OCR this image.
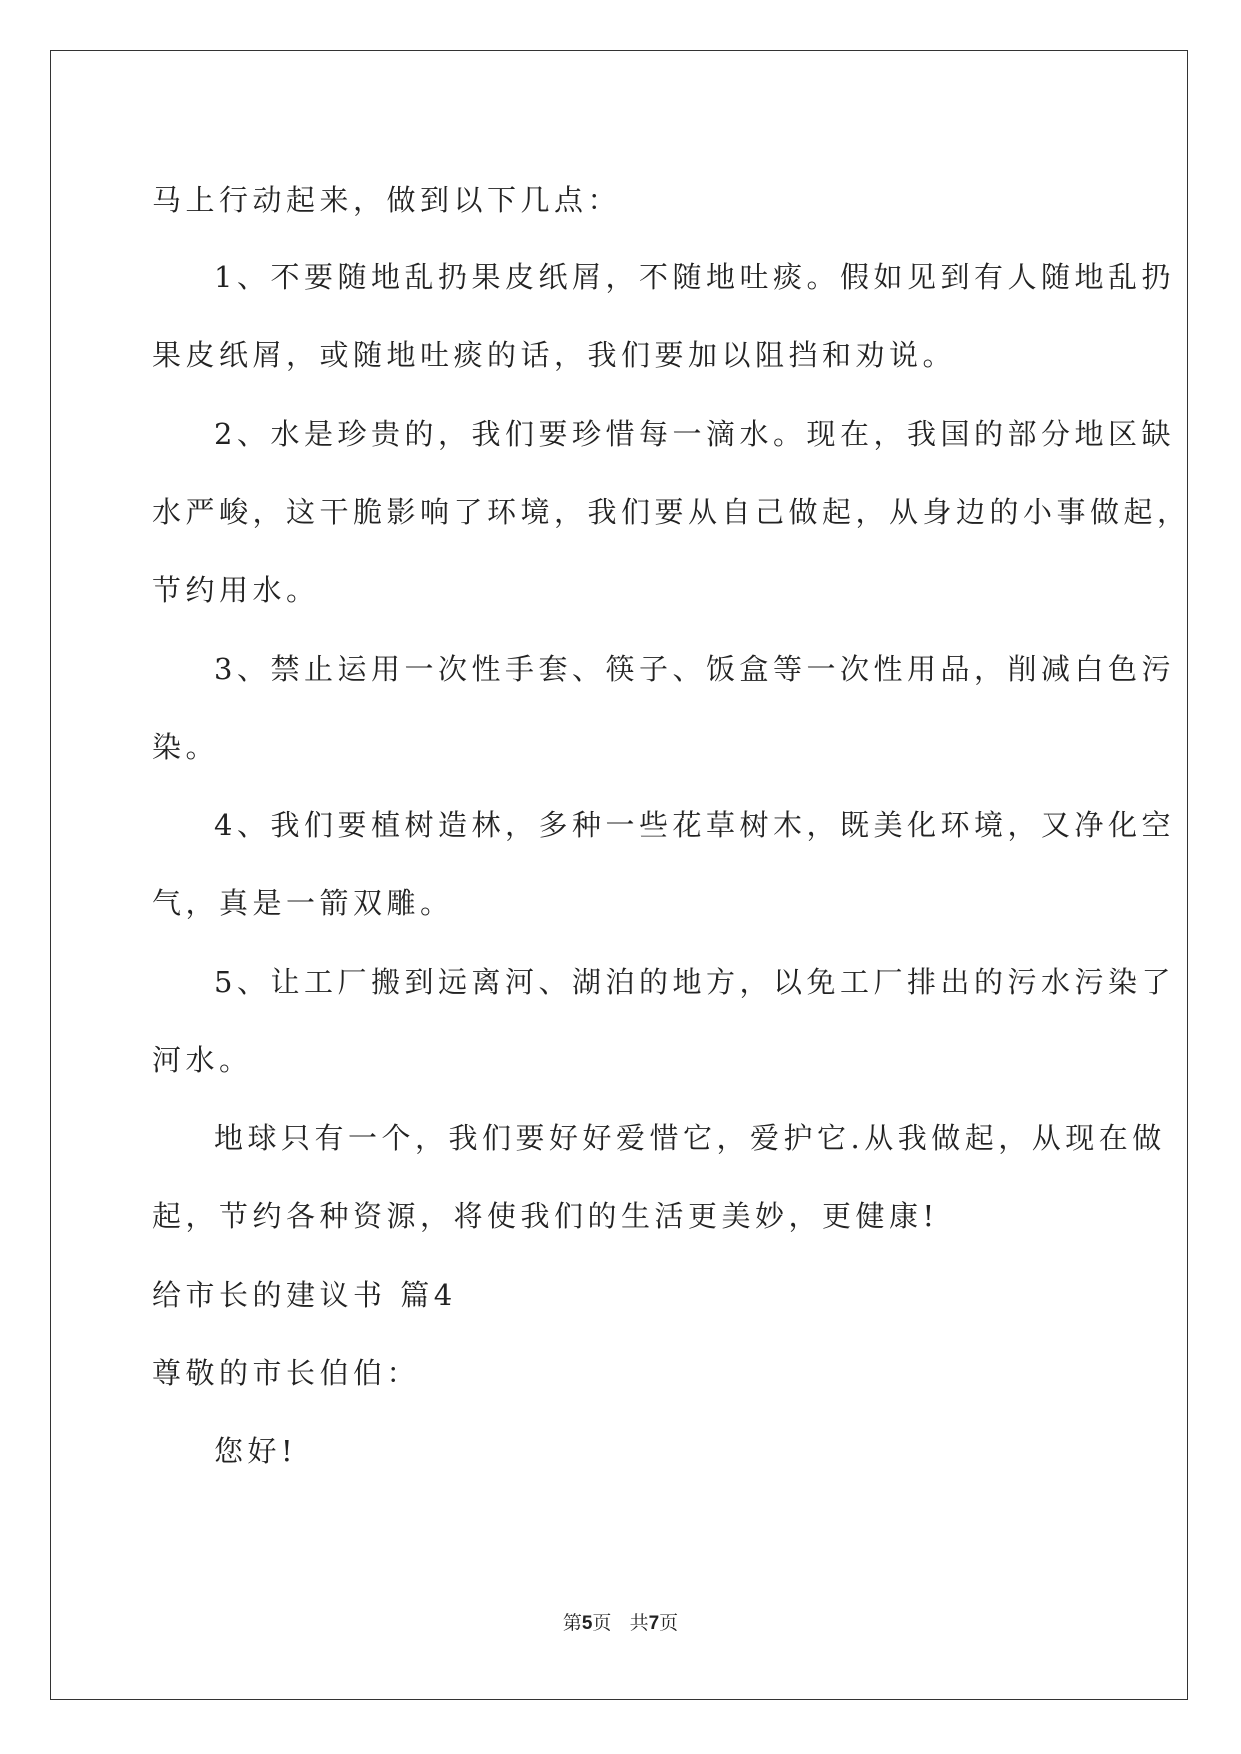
马上行动起来，做到以下几点：

1、不要随地乱扔果皮纸屑，不随地吐痰。假如见到有人随地乱扔

果皮纸屑，或随地吐痰的话，我们要加以阻挡和劝说。

2、水是珍贵的，我们要珍惜每一滴水。现在，我国的部分地区缺

水严峻，这干脆影响了环境，我们要从自己做起，从身边的小事做起，

节约用水。

3、禁止运用一次性手套、筷子、饭盒等一次性用品，削减白色污

染。

4、我们要植树造林，多种一些花草树木，既美化环境，又净化空

气，真是一箭双雕。

5、让工厂搬到远离河、湖泊的地方，以免工厂排出的污水污染了

河水。

地球只有一个，我们要好好爱惜它，爱护它.从我做起，从现在做

起，节约各种资源，将使我们的生活更美妙，更健康!

给市长的建议书 篇4

尊敬的市长伯伯：

您好!

第5页 共7页
